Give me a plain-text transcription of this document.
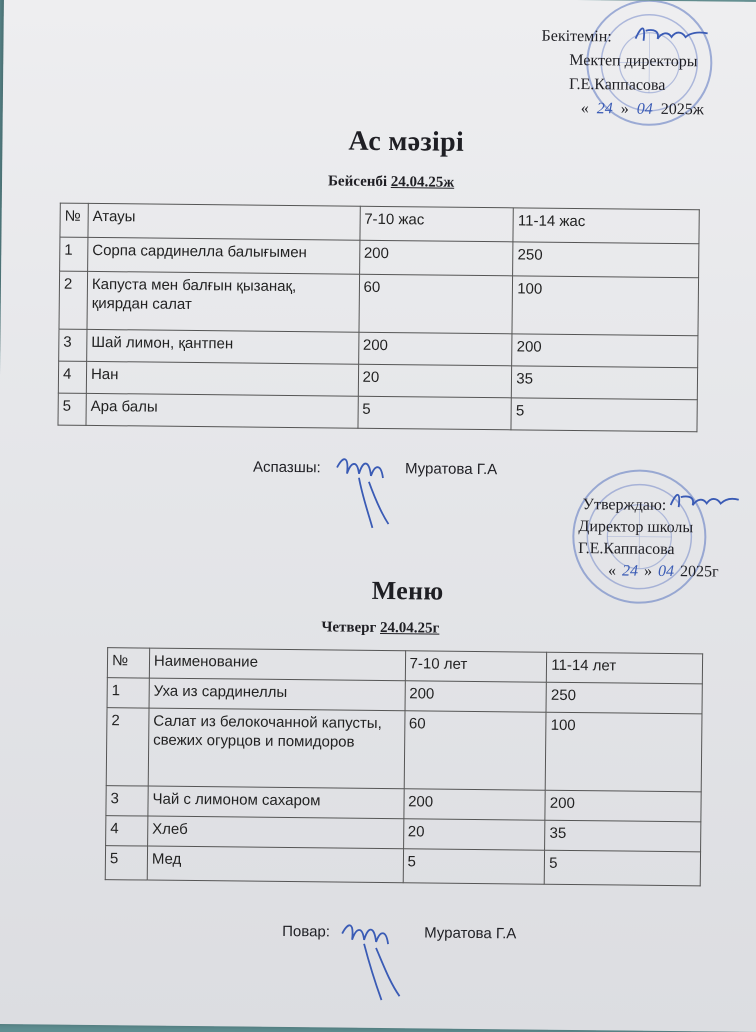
Бекітемін:
Мектеп директоры
Г.Е.Каппасова
« 24 » 04 2025ж
Ас мәзірі
Бейсенбі 24.04.25ж
№	Атауы	7-10 жас	11-14 жас
1	Сорпа сардинелла балығымен	200	250
2	Капуста мен балғын қызанақ, қиярдан салат	60	100
3	Шай лимон, қантпен	200	200
4	Нан	20	35
5	Ара балы	5	5
Аспазшы:	Муратова Г.А
Утверждаю:
Директор школы
Г.Е.Каппасова
« 24 » 04 2025г
Меню
Четверг 24.04.25г
№	Наименование	7-10 лет	11-14 лет
1	Уха из сардинеллы	200	250
2	Салат из белокочанной капусты, свежих огурцов и помидоров	60	100
3	Чай с лимоном сахаром	200	200
4	Хлеб	20	35
5	Мед	5	5
Повар:	Муратова Г.А
